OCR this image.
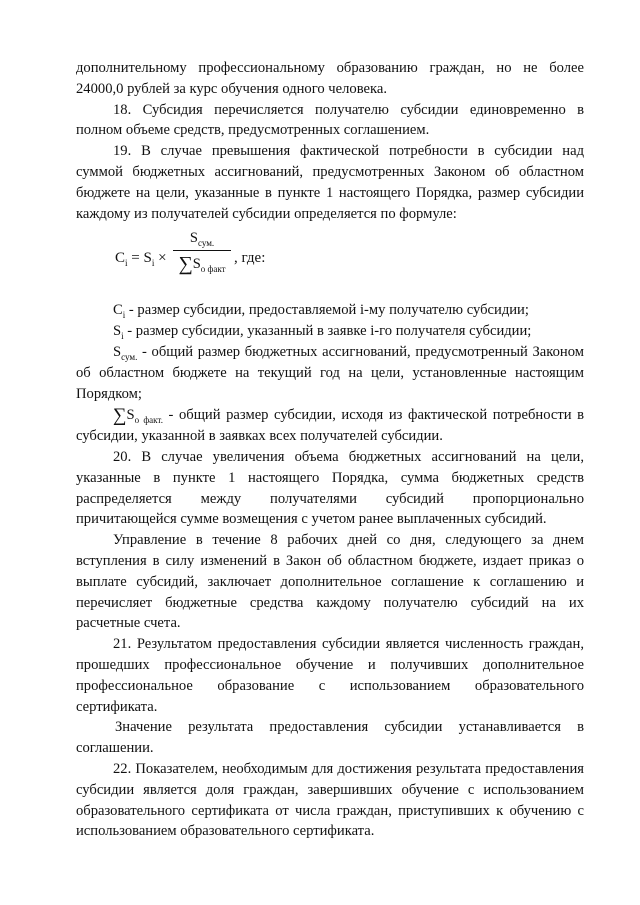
дополнительному профессиональному образованию граждан, но не более 24000,0 рублей за курс обучения одного человека.

18. Субсидия перечисляется получателю субсидии единовременно в полном объеме средств, предусмотренных соглашением.

19. В случае превышения фактической потребности в субсидии над суммой бюджетных ассигнований, предусмотренных Законом об областном бюджете на цели, указанные в пункте 1 настоящего Порядка, размер субсидии каждому из получателей субсидии определяется по формуле:

$C_i = S_i$ ×
$S_{сум.}$
$\sum S_{о факт}$
, где:

$C_i$ - размер субсидии, предоставляемой i-му получателю субсидии;

$S_i$ - размер субсидии, указанный в заявке i-го получателя субсидии;

$S_{сум.}$ - общий размер бюджетных ассигнований, предусмотренный Законом об областном бюджете на текущий год на цели, установленные настоящим Порядком;

$\sum S_{о факт.}$ - общий размер субсидии, исходя из фактической потребности в субсидии, указанной в заявках всех получателей субсидии.

20. В случае увеличения объема бюджетных ассигнований на цели, указанные в пункте 1 настоящего Порядка, сумма бюджетных средств распределяется между получателями субсидий пропорционально причитающейся сумме возмещения с учетом ранее выплаченных субсидий.

Управление в течение 8 рабочих дней со дня, следующего за днем вступления в силу изменений в Закон об областном бюджете, издает приказ о выплате субсидий, заключает дополнительное соглашение к соглашению и перечисляет бюджетные средства каждому получателю субсидий на их расчетные счета.

21. Результатом предоставления субсидии является численность граждан, прошедших профессиональное обучение и получивших дополнительное профессиональное образование с использованием образовательного сертификата.

Значение результата предоставления субсидии устанавливается в соглашении.

22. Показателем, необходимым для достижения результата предоставления субсидии является доля граждан, завершивших обучение с использованием образовательного сертификата от числа граждан, приступивших к обучению с использованием образовательного сертификата.
